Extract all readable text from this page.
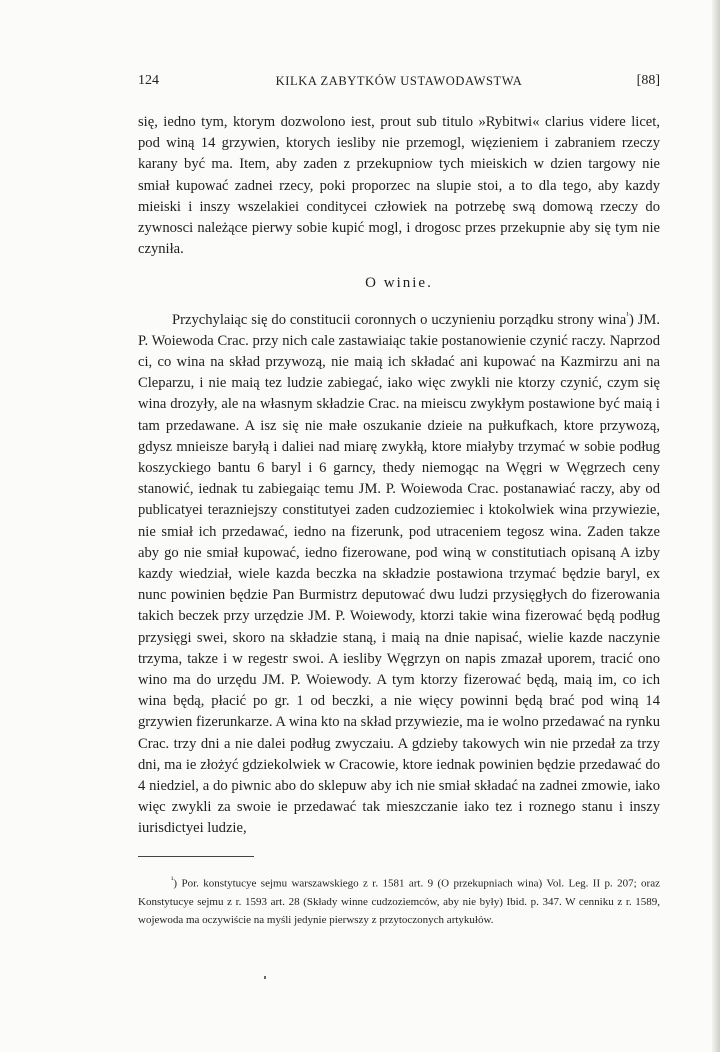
124	KILKA ZABYTKÓW USTAWODAWSTWA	[88]

się, iedno tym, ktorym dozwolono iest, prout sub titulo »Rybitwi« clarius videre licet, pod winą 14 grzywien, ktorych iesliby nie przemogl, więzieniem i zabraniem rzeczy karany być ma. Item, aby zaden z przekupniow tych mieiskich w dzien targowy nie smiał kupować zadnei rzecy, poki proporzec na slupie stoi, a to dla tego, aby kazdy mieiski i inszy wszelakiei conditycei człowiek na potrzebę swą domową rzeczy do zywnosci należące pierwy sobie kupić mogl, i drogosc przes przekupnie aby się tym nie czyniła.

O winie.

Przychylaiąc się do constitucii coronnych o uczynieniu porządku strony wina$^{^1}$) JM. P. Woiewoda Crac. przy nich cale zastawiaiąc takie postanowienie czynić raczy. Naprzod ci, co wina na skład przywozą, nie maią ich składać ani kupować na Kazmirzu ani na Cleparzu, i nie maią tez ludzie zabiegać, iako więc zwykli nie ktorzy czynić, czym się wina drozyły, ale na własnym składzie Crac. na mieiscu zwykłym postawione być maią i tam przedawane. A isz się nie małe oszukanie dzieie na pułkufkach, ktore przywozą, gdysz mnieisze baryłą i daliei nad miarę zwykłą, ktore miałyby trzymać w sobie podług koszyckiego bantu 6 baryl i 6 garncy, thedy niemogąc na Węgri w Węgrzech ceny stanowić, iednak tu zabiegaiąc temu JM. P. Woiewoda Crac. postanawiać raczy, aby od publicatyei terazniejszy constitutyei zaden cudzoziemiec i ktokolwiek wina przywiezie, nie smiał ich przedawać, iedno na fizerunk, pod utraceniem tegosz wina. Zaden takze aby go nie smiał kupować, iedno fizerowane, pod winą w constitutiach opisaną A izby kazdy wiedział, wiele kazda beczka na składzie postawiona trzymać będzie baryl, ex nunc powinien będzie Pan Burmistrz deputować dwu ludzi przysięgłych do fizerowania takich beczek przy urzędzie JM. P. Woiewody, ktorzi takie wina fizerować będą podług przysięgi swei, skoro na składzie staną, i maią na dnie napisać, wielie kazde naczynie trzyma, takze i w regestr swoi. A iesliby Węgrzyn on napis zmazał uporem, tracić ono wino ma do urzędu JM. P. Woiewody. A tym ktorzy fizerować będą, maią im, co ich wina będą, płacić po gr. 1 od beczki, a nie więcy powinni będą brać pod winą 14 grzywien fizerunkarze. A wina kto na skład przywiezie, ma ie wolno przedawać na rynku Crac. trzy dni a nie dalei podług zwyczaiu. A gdzieby takowych win nie przedał za trzy dni, ma ie złożyć gdziekolwiek w Cracowie, ktore iednak powinien będzie przedawać do 4 niedziel, a do piwnic abo do sklepuw aby ich nie smiał składać na zadnei zmowie, iako więc zwykli za swoie ie przedawać tak mieszczanie iako tez i roznego stanu i inszy iurisdictyei ludzie,

$^{^1}$) Por. konstytucye sejmu warszawskiego z r. 1581 art. 9 (O przekupniach wina) Vol. Leg. II p. 207; oraz Konstytucye sejmu z r. 1593 art. 28 (Składy winne cudzoziemców, aby nie były) Ibid. p. 347. W cenniku z r. 1589, wojewoda ma oczywiście na myśli jedynie pierwszy z przytoczonych artykułów.
